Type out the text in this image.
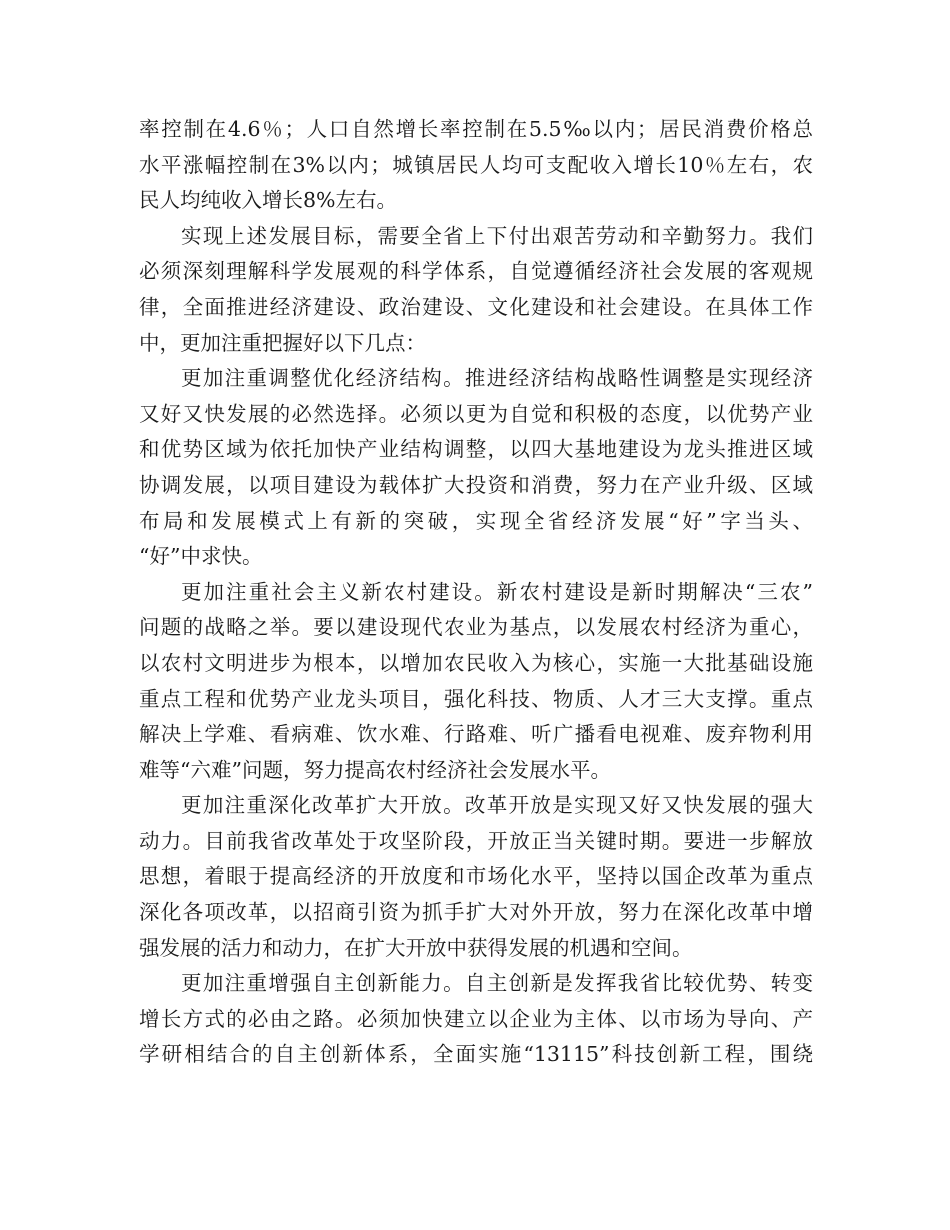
率控制在4.6％；人口自然增长率控制在5.5‰以内；居民消费价格总
水平涨幅控制在3%以内；城镇居民人均可支配收入增长10％左右，农
民人均纯收入增长8%左右。
实现上述发展目标，需要全省上下付出艰苦劳动和辛勤努力。我们
必须深刻理解科学发展观的科学体系，自觉遵循经济社会发展的客观规
律，全面推进经济建设、政治建设、文化建设和社会建设。在具体工作
中，更加注重把握好以下几点：
更加注重调整优化经济结构。推进经济结构战略性调整是实现经济
又好又快发展的必然选择。必须以更为自觉和积极的态度，以优势产业
和优势区域为依托加快产业结构调整，以四大基地建设为龙头推进区域
协调发展，以项目建设为载体扩大投资和消费，努力在产业升级、区域
布局和发展模式上有新的突破，实现全省经济发展“好”字当头、
“好”中求快。
更加注重社会主义新农村建设。新农村建设是新时期解决“三农”
问题的战略之举。要以建设现代农业为基点，以发展农村经济为重心，
以农村文明进步为根本，以增加农民收入为核心，实施一大批基础设施
重点工程和优势产业龙头项目，强化科技、物质、人才三大支撑。重点
解决上学难、看病难、饮水难、行路难、听广播看电视难、废弃物利用
难等“六难”问题，努力提高农村经济社会发展水平。
更加注重深化改革扩大开放。改革开放是实现又好又快发展的强大
动力。目前我省改革处于攻坚阶段，开放正当关键时期。要进一步解放
思想，着眼于提高经济的开放度和市场化水平，坚持以国企改革为重点
深化各项改革，以招商引资为抓手扩大对外开放，努力在深化改革中增
强发展的活力和动力，在扩大开放中获得发展的机遇和空间。
更加注重增强自主创新能力。自主创新是发挥我省比较优势、转变
增长方式的必由之路。必须加快建立以企业为主体、以市场为导向、产
学研相结合的自主创新体系，全面实施“13115”科技创新工程，围绕
